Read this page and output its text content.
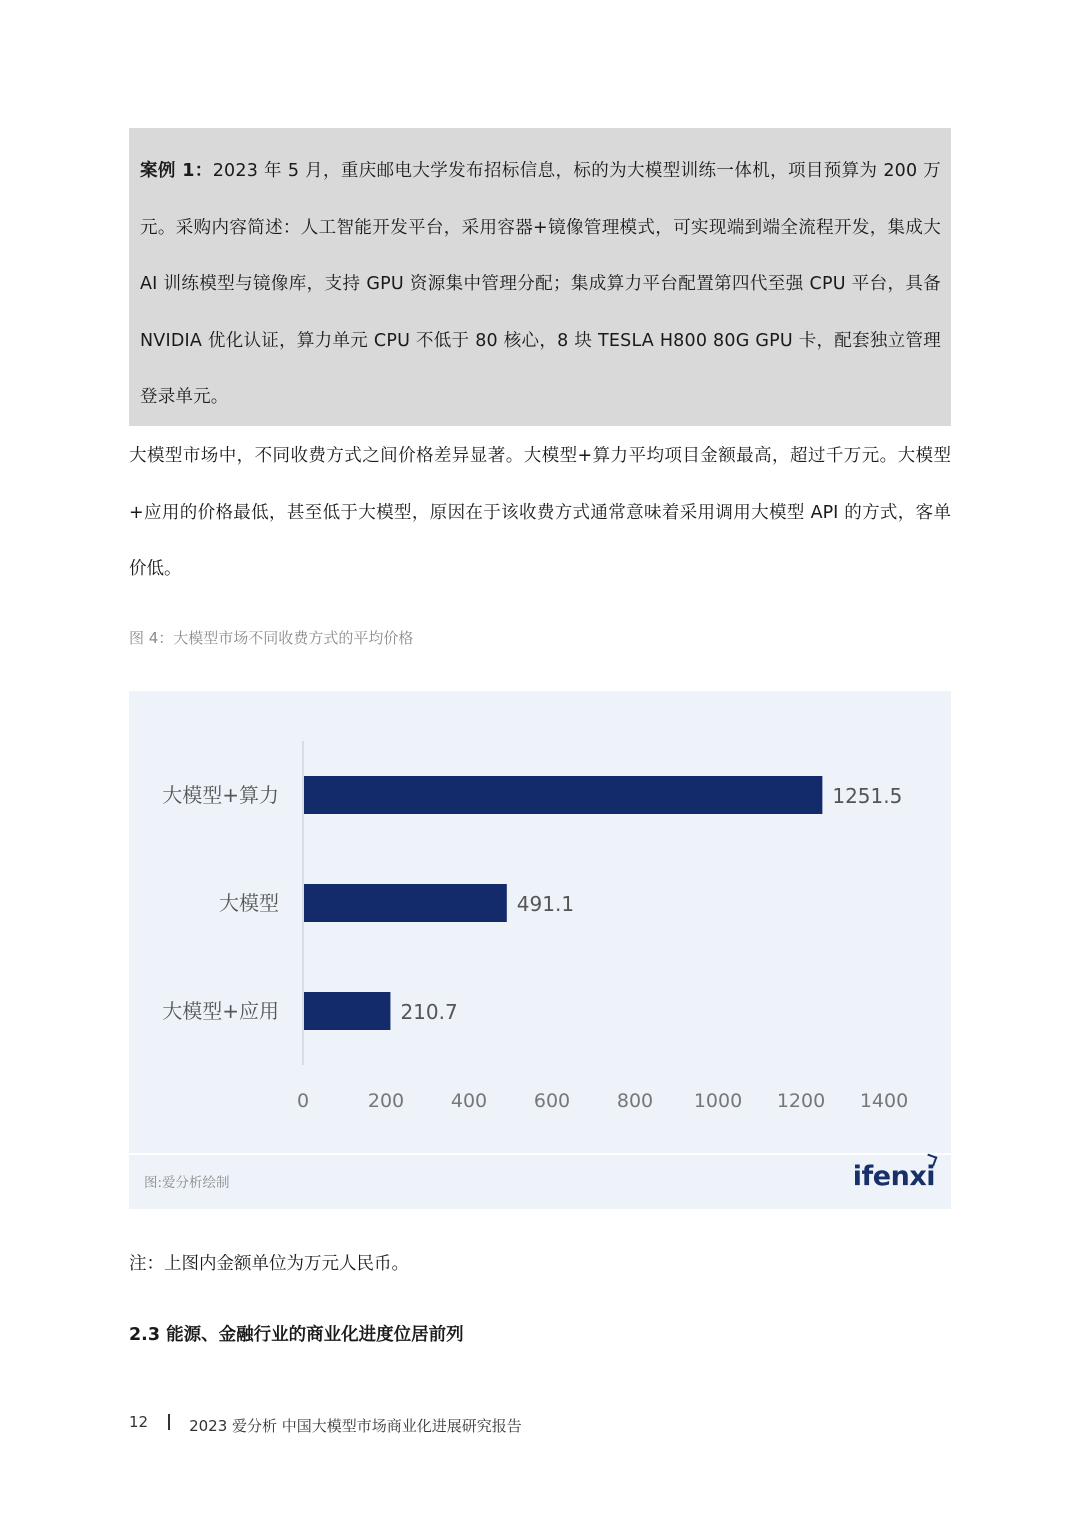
案例 1：2023 年 5 月，重庆邮电大学发布招标信息，标的为大模型训练一体机，项目预算为 200 万元。采购内容简述：人工智能开发平台，采用容器+镜像管理模式，可实现端到端全流程开发，集成大 AI 训练模型与镜像库，支持 GPU 资源集中管理分配；集成算力平台配置第四代至强 CPU 平台，具备 NVIDIA 优化认证，算力单元 CPU 不低于 80 核心，8 块 TESLA H800 80G GPU 卡，配套独立管理登录单元。

大模型市场中，不同收费方式之间价格差异显著。大模型+算力平均项目金额最高，超过千万元。大模型+应用的价格最低，甚至低于大模型，原因在于该收费方式通常意味着采用调用大模型 API 的方式，客单价低。

图 4：大模型市场不同收费方式的平均价格

大模型+算力	1251.5
大模型	491.1
大模型+应用	210.7
0	200 400 600 800 1000 1200 1400
图:爱分析绘制	ifenxi

注：上图内金额单位为万元人民币。

2.3 能源、金融行业的商业化进度位居前列

12	2023 爱分析 中国大模型市场商业化进展研究报告
